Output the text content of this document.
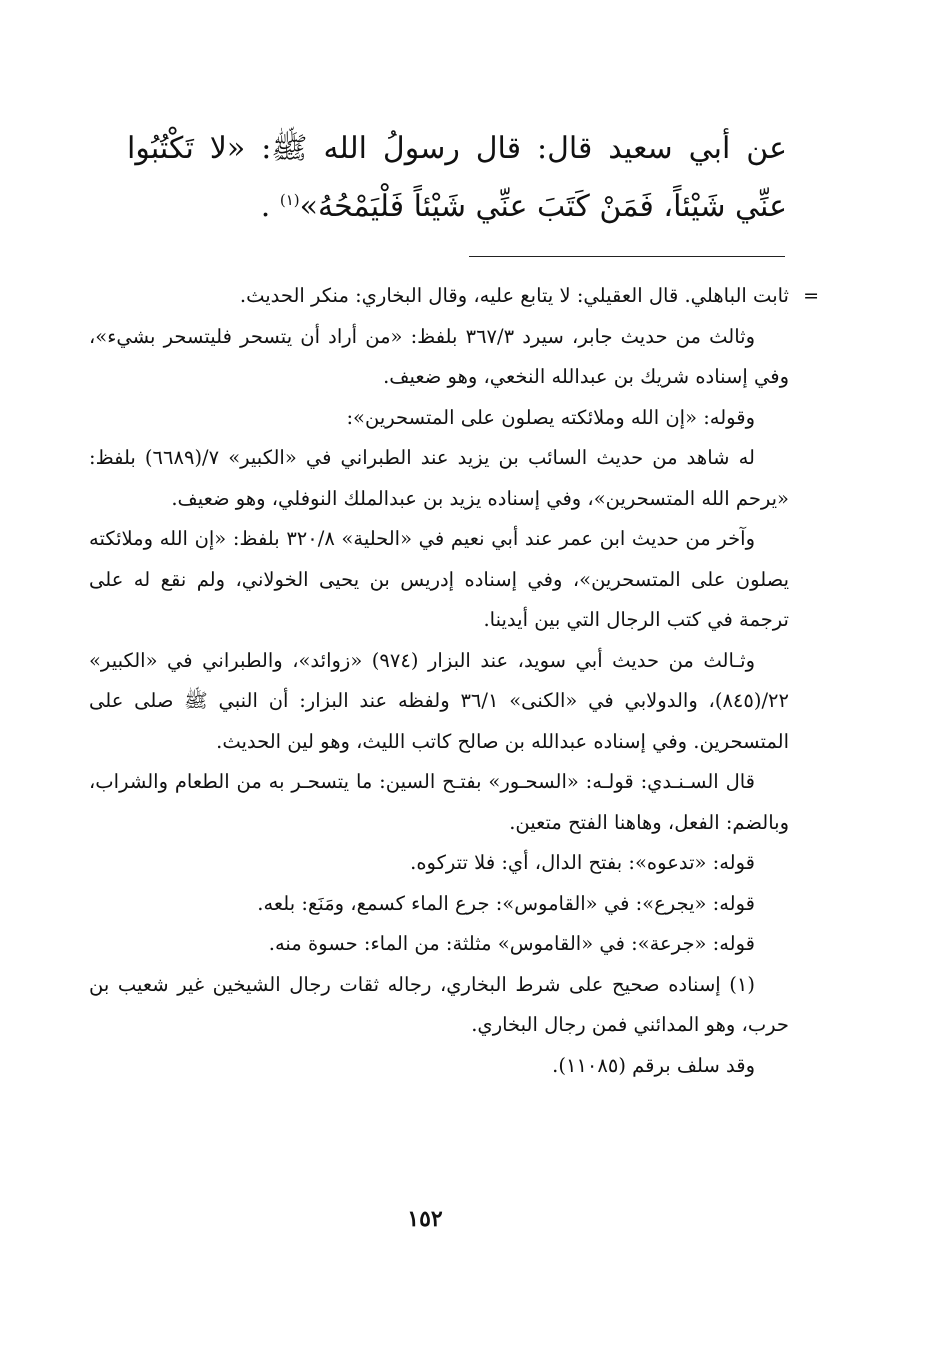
عن أبي سعيد قال: قال رسولُ الله ﷺ: «لا تَكْتُبُوا عنِّي شَيْئاً، فَمَنْ كَتَبَ عنِّي شَيْئاً فَلْيَمْحُهُ»$^{(١)}$ .

=
ثابت الباهلي. قال العقيلي: لا يتابع عليه، وقال البخاري: منكر الحديث.

وثالث من حديث جابر، سيرد ٣٦٧/٣ بلفظ: «من أراد أن يتسحر فليتسحر بشيء»، وفي إسناده شريك بن عبدالله النخعي، وهو ضعيف.

وقوله: «إن الله وملائكته يصلون على المتسحرين»:

له شاهد من حديث السائب بن يزيد عند الطبراني في «الكبير» ٧/(٦٦٨٩) بلفظ: «يرحم الله المتسحرين»، وفي إسناده يزيد بن عبدالملك النوفلي، وهو ضعيف.

وآخر من حديث ابن عمر عند أبي نعيم في «الحلية» ٣٢٠/٨ بلفظ: «إن الله وملائكته يصلون على المتسحرين»، وفي إسناده إدريس بن يحيى الخولاني، ولم نقع له على ترجمة في كتب الرجال التي بين أيدينا.

وثـالث من حديث أبي سويد، عند البزار (٩٧٤) «زوائد»، والطبراني في «الكبير» ٢٢/(٨٤٥)، والدولابي في «الكنى» ٣٦/١ ولفظه عند البزار: أن النبي ﷺ صلى على المتسحرين. وفي إسناده عبدالله بن صالح كاتب الليث، وهو لين الحديث.

قال السـنـدي: قولـه: «السحـور» بفتـح السين: ما يتسحـر به من الطعام والشراب، وبالضم: الفعل، وهاهنا الفتح متعين.

قوله: «تدعوه»: بفتح الدال، أي: فلا تتركوه.

قوله: «يجرع»: في «القاموس»: جرع الماء كسمع، ومَنَع: بلعه.

قوله: «جرعة»: في «القاموس» مثلثة: من الماء: حسوة منه.

(١) إسناده صحيح على شرط البخاري، رجاله ثقات رجال الشيخين غير شعيب بن حرب، وهو المدائني فمن رجال البخاري.

وقد سلف برقم (١١٠٨٥).

١٥٢
